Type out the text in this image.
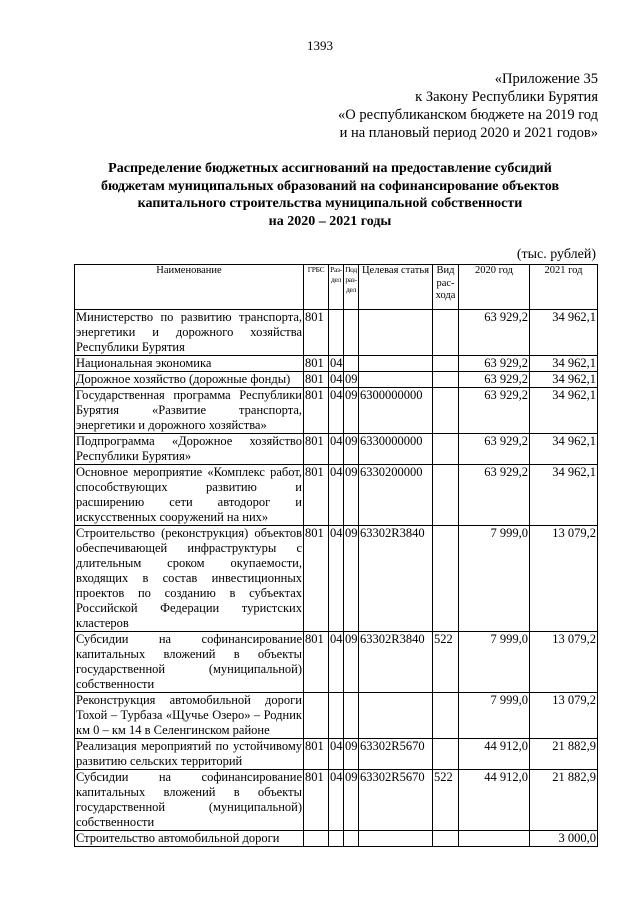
1393
«Приложение 35
к Закону Республики Бурятия
«О республиканском бюджете на 2019 год
и на плановый период 2020 и 2021 годов»
Распределение бюджетных ассигнований на предоставление субсидий
бюджетам муниципальных образований на софинансирование объектов
капитального строительства муниципальной собственности
на 2020 – 2021 годы
(тыс. рублей)
Наименование	ГРБС	Раз- дел	Под раз- дел	Целевая статья	Вид рас- хода	2020 год	2021 год
Министерство по развитию транспорта, энергетики и дорожного хозяйства Республики Бурятия	801					63 929,2	34 962,1
Национальная экономика	801	04				63 929,2	34 962,1
Дорожное хозяйство (дорожные фонды)	801	04	09			63 929,2	34 962,1
Государственная программа Республики Бурятия «Развитие транспорта, энергетики и дорожного хозяйства»	801	04	09	6300000000		63 929,2	34 962,1
Подпрограмма «Дорожное хозяйство Республики Бурятия»	801	04	09	6330000000		63 929,2	34 962,1
Основное мероприятие «Комплекс работ, способствующих развитию и расширению сети автодорог и искусственных сооружений на них»	801	04	09	6330200000		63 929,2	34 962,1
Строительство (реконструкция) объектов обеспечивающей инфраструктуры с длительным сроком окупаемости, входящих в состав инвестиционных проектов по созданию в субъектах Российской Федерации туристских кластеров	801	04	09	63302R3840		7 999,0	13 079,2
Субсидии на софинансирование капитальных вложений в объекты государственной (муниципальной) собственности	801	04	09	63302R3840	522	7 999,0	13 079,2
Реконструкция автомобильной дороги Тохой – Турбаза «Щучье Озеро» – Родник км 0 – км 14 в Селенгинском районе						7 999,0	13 079,2
Реализация мероприятий по устойчивому развитию сельских территорий	801	04	09	63302R5670		44 912,0	21 882,9
Субсидии на софинансирование капитальных вложений в объекты государственной (муниципальной) собственности	801	04	09	63302R5670	522	44 912,0	21 882,9
Строительство автомобильной дороги							3 000,0
